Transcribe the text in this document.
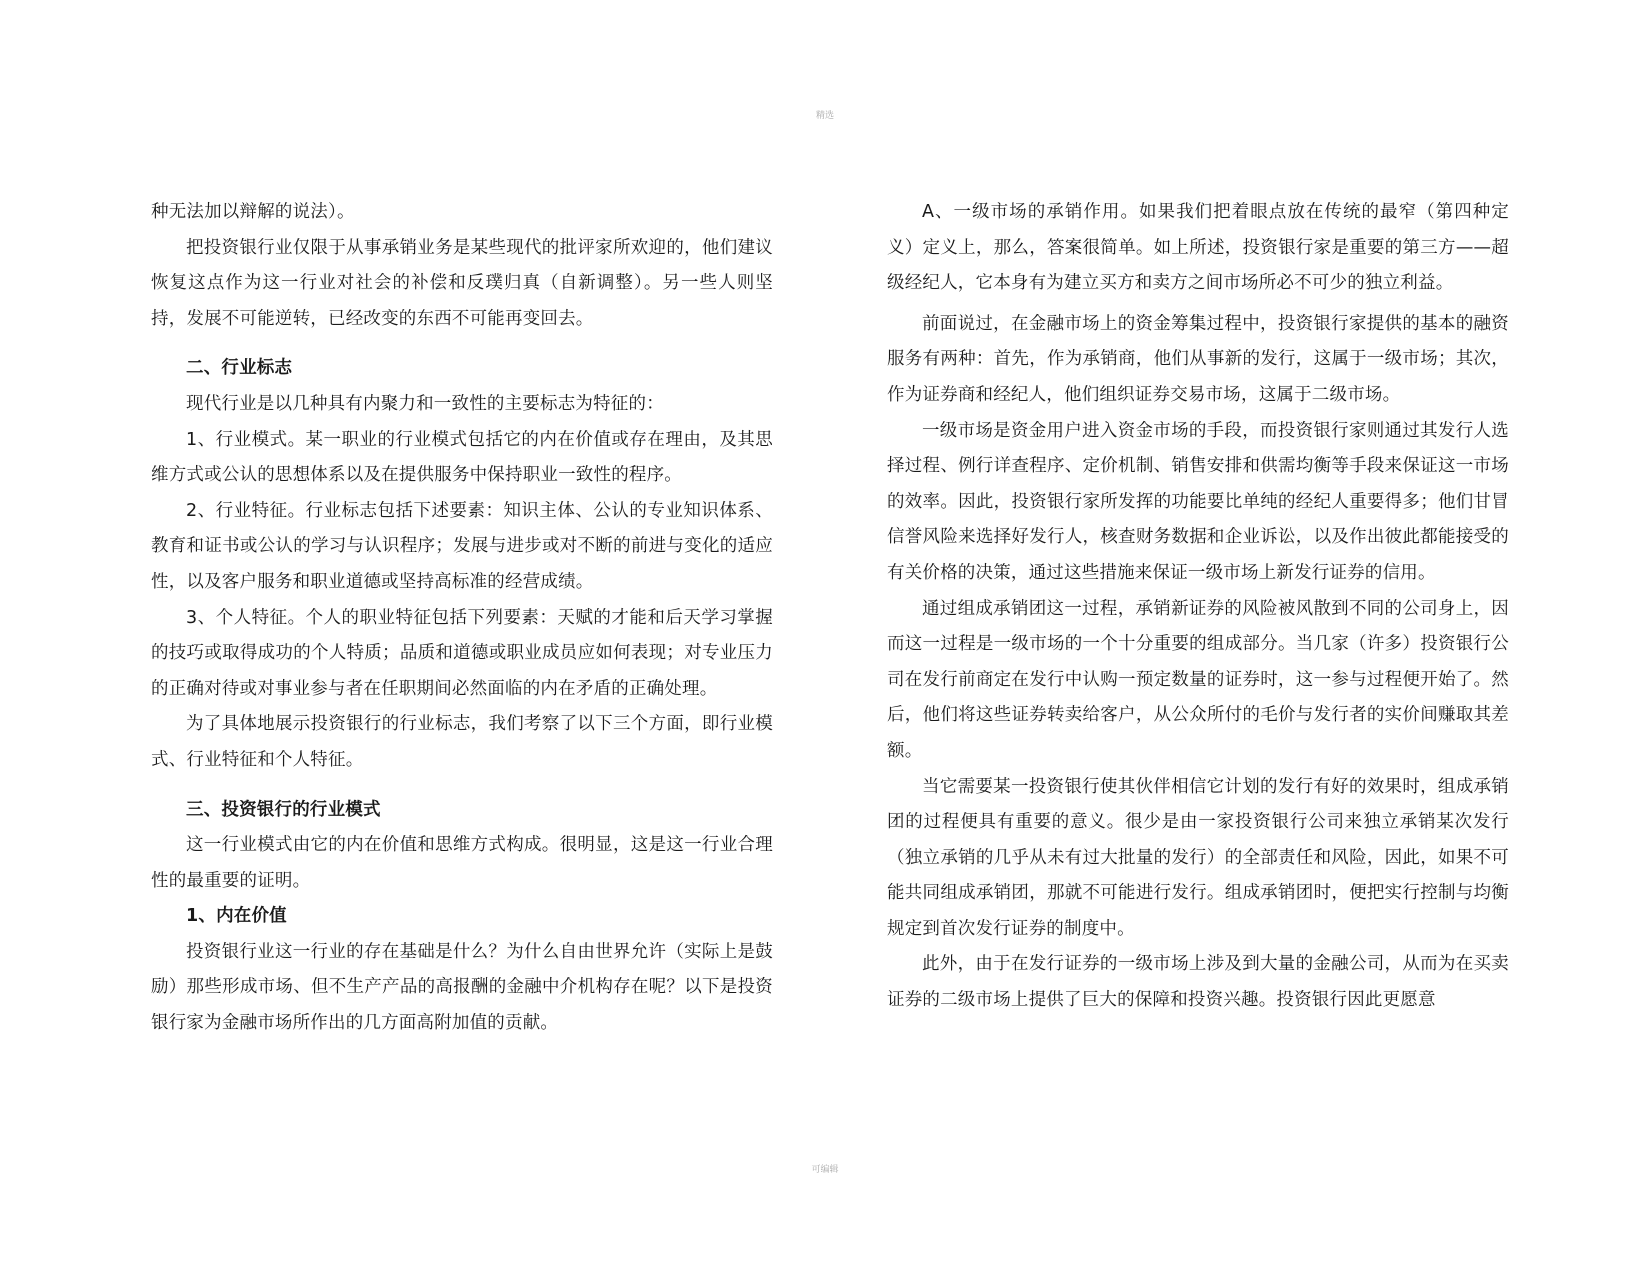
精选

种无法加以辩解的说法）。

把投资银行业仅限于从事承销业务是某些现代的批评家所欢迎的，他们建议恢复这点作为这一行业对社会的补偿和反璞归真（自新调整）。另一些人则坚持，发展不可能逆转，已经改变的东西不可能再变回去。

二、行业标志

现代行业是以几种具有内聚力和一致性的主要标志为特征的：

1、行业模式。某一职业的行业模式包括它的内在价值或存在理由，及其思维方式或公认的思想体系以及在提供服务中保持职业一致性的程序。

2、行业特征。行业标志包括下述要素：知识主体、公认的专业知识体系、教育和证书或公认的学习与认识程序；发展与进步或对不断的前进与变化的适应性，以及客户服务和职业道德或坚持高标准的经营成绩。

3、个人特征。个人的职业特征包括下列要素：天赋的才能和后天学习掌握的技巧或取得成功的个人特质；品质和道德或职业成员应如何表现；对专业压力的正确对待或对事业参与者在任职期间必然面临的内在矛盾的正确处理。

为了具体地展示投资银行的行业标志，我们考察了以下三个方面，即行业模式、行业特征和个人特征。

三、投资银行的行业模式

这一行业模式由它的内在价值和思维方式构成。很明显，这是这一行业合理性的最重要的证明。

1、内在价值

投资银行业这一行业的存在基础是什么？为什么自由世界允许（实际上是鼓励）那些形成市场、但不生产产品的高报酬的金融中介机构存在呢？以下是投资银行家为金融市场所作出的几方面高附加值的贡献。

A、一级市场的承销作用。如果我们把着眼点放在传统的最窄（第四种定义）定义上，那么，答案很简单。如上所述，投资银行家是重要的第三方——超级经纪人，它本身有为建立买方和卖方之间市场所必不可少的独立利益。

前面说过，在金融市场上的资金筹集过程中，投资银行家提供的基本的融资服务有两种：首先，作为承销商，他们从事新的发行，这属于一级市场；其次，作为证券商和经纪人，他们组织证券交易市场，这属于二级市场。

一级市场是资金用户进入资金市场的手段，而投资银行家则通过其发行人选择过程、例行详查程序、定价机制、销售安排和供需均衡等手段来保证这一市场的效率。因此，投资银行家所发挥的功能要比单纯的经纪人重要得多；他们甘冒信誉风险来选择好发行人，核查财务数据和企业诉讼，以及作出彼此都能接受的有关价格的决策，通过这些措施来保证一级市场上新发行证券的信用。

通过组成承销团这一过程，承销新证券的风险被风散到不同的公司身上，因而这一过程是一级市场的一个十分重要的组成部分。当几家（许多）投资银行公司在发行前商定在发行中认购一预定数量的证券时，这一参与过程便开始了。然后，他们将这些证券转卖给客户，从公众所付的毛价与发行者的实价间赚取其差额。

当它需要某一投资银行使其伙伴相信它计划的发行有好的效果时，组成承销团的过程便具有重要的意义。很少是由一家投资银行公司来独立承销某次发行（独立承销的几乎从未有过大批量的发行）的全部责任和风险，因此，如果不可能共同组成承销团，那就不可能进行发行。组成承销团时，便把实行控制与均衡规定到首次发行证券的制度中。

此外，由于在发行证券的一级市场上涉及到大量的金融公司，从而为在买卖证券的二级市场上提供了巨大的保障和投资兴趣。投资银行因此更愿意

可编辑
